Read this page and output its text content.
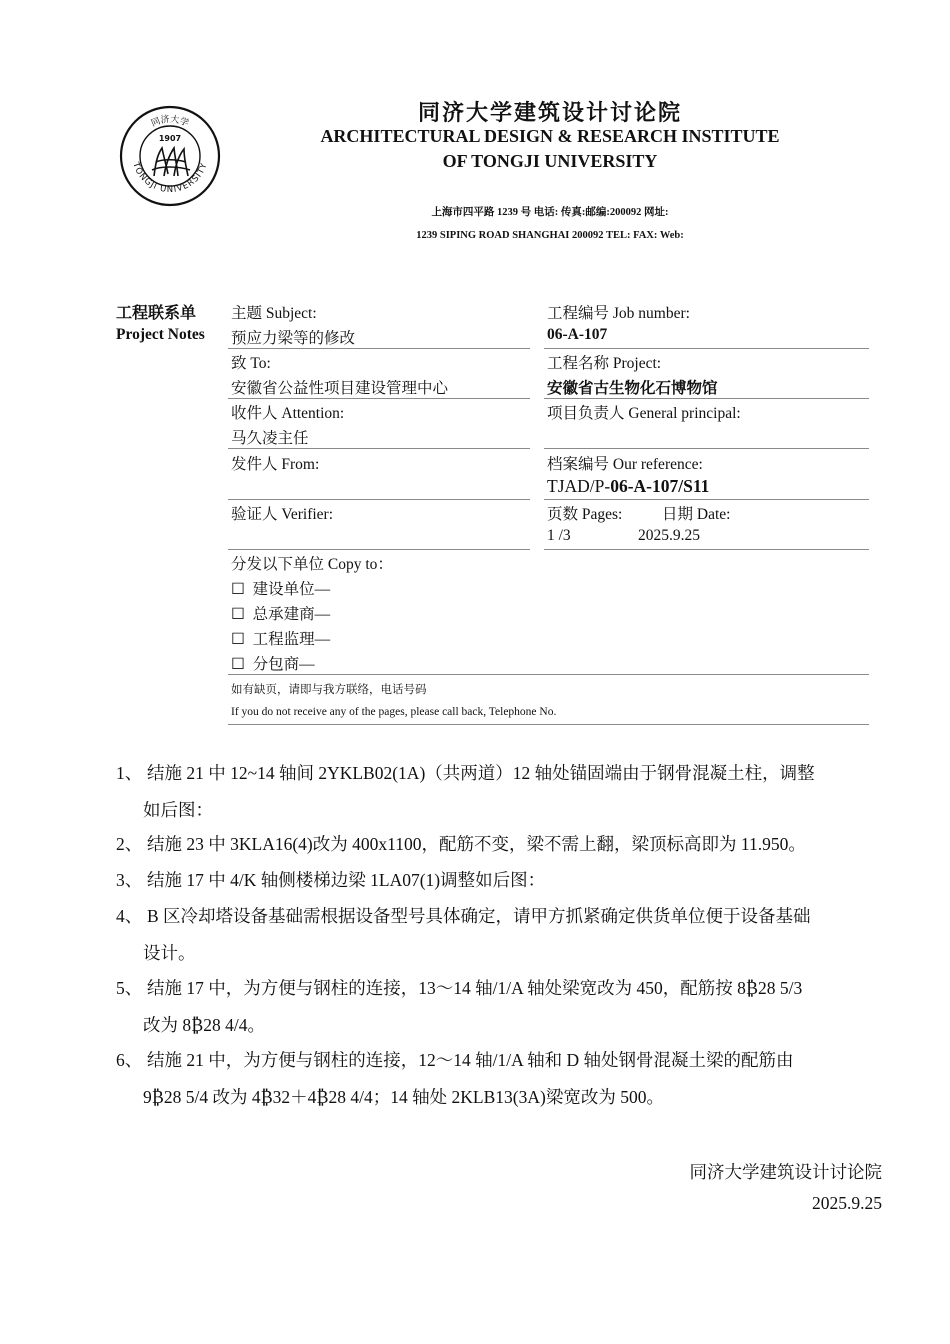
同济大学
TONGJI UNIVERSITY
1907
同济大学建筑设计讨论院
ARCHITECTURAL DESIGN & RESEARCH INSTITUTE
OF TONGJI UNIVERSITY
上海市四平路 1239 号 电话: 传真:邮编:200092 网址:
1239 SIPING ROAD SHANGHAI 200092 TEL: FAX: Web:
工程联系单
Project Notes
主题 Subject:
预应力梁等的修改
致 To:
安徽省公益性项目建设管理中心
收件人 Attention:
马久凌主任
发件人 From:
验证人 Verifier:
工程编号 Job number:
06-A-107
工程名称 Project:
安徽省古生物化石博物馆
项目负责人 General principal:
档案编号 Our reference:
TJAD/P-06-A-107/S11
页数 Pages:	日期 Date:
1 /3	2025.9.25
分发以下单位 Copy to：
☐ 建设单位—
☐ 总承建商—
☐ 工程监理—
☐ 分包商—
如有缺页，请即与我方联络，电话号码
If you do not receive any of the pages, please call back, Telephone No.
1、 结施 21 中 12~14 轴间 2YKLB02(1A)（共两道）12 轴处锚固端由于钢骨混凝土柱，调整
如后图：
2、 结施 23 中 3KLA16(4)改为 400x1100，配筋不变，梁不需上翻，梁顶标高即为 11.950。
3、 结施 17 中 4/K 轴侧楼梯边梁 1LA07(1)调整如后图：
4、 B 区冷却塔设备基础需根据设备型号具体确定，请甲方抓紧确定供货单位便于设备基础
设计。
5、 结施 17 中，为方便与钢柱的连接，13～14 轴/1/A 轴处梁宽改为 450，配筋按 8₿28 5/3
改为 8₿28 4/4。
6、 结施 21 中，为方便与钢柱的连接，12～14 轴/1/A 轴和 D 轴处钢骨混凝土梁的配筋由
9₿28 5/4 改为 4₿32＋4₿28 4/4；14 轴处 2KLB13(3A)梁宽改为 500。
同济大学建筑设计讨论院
2025.9.25
